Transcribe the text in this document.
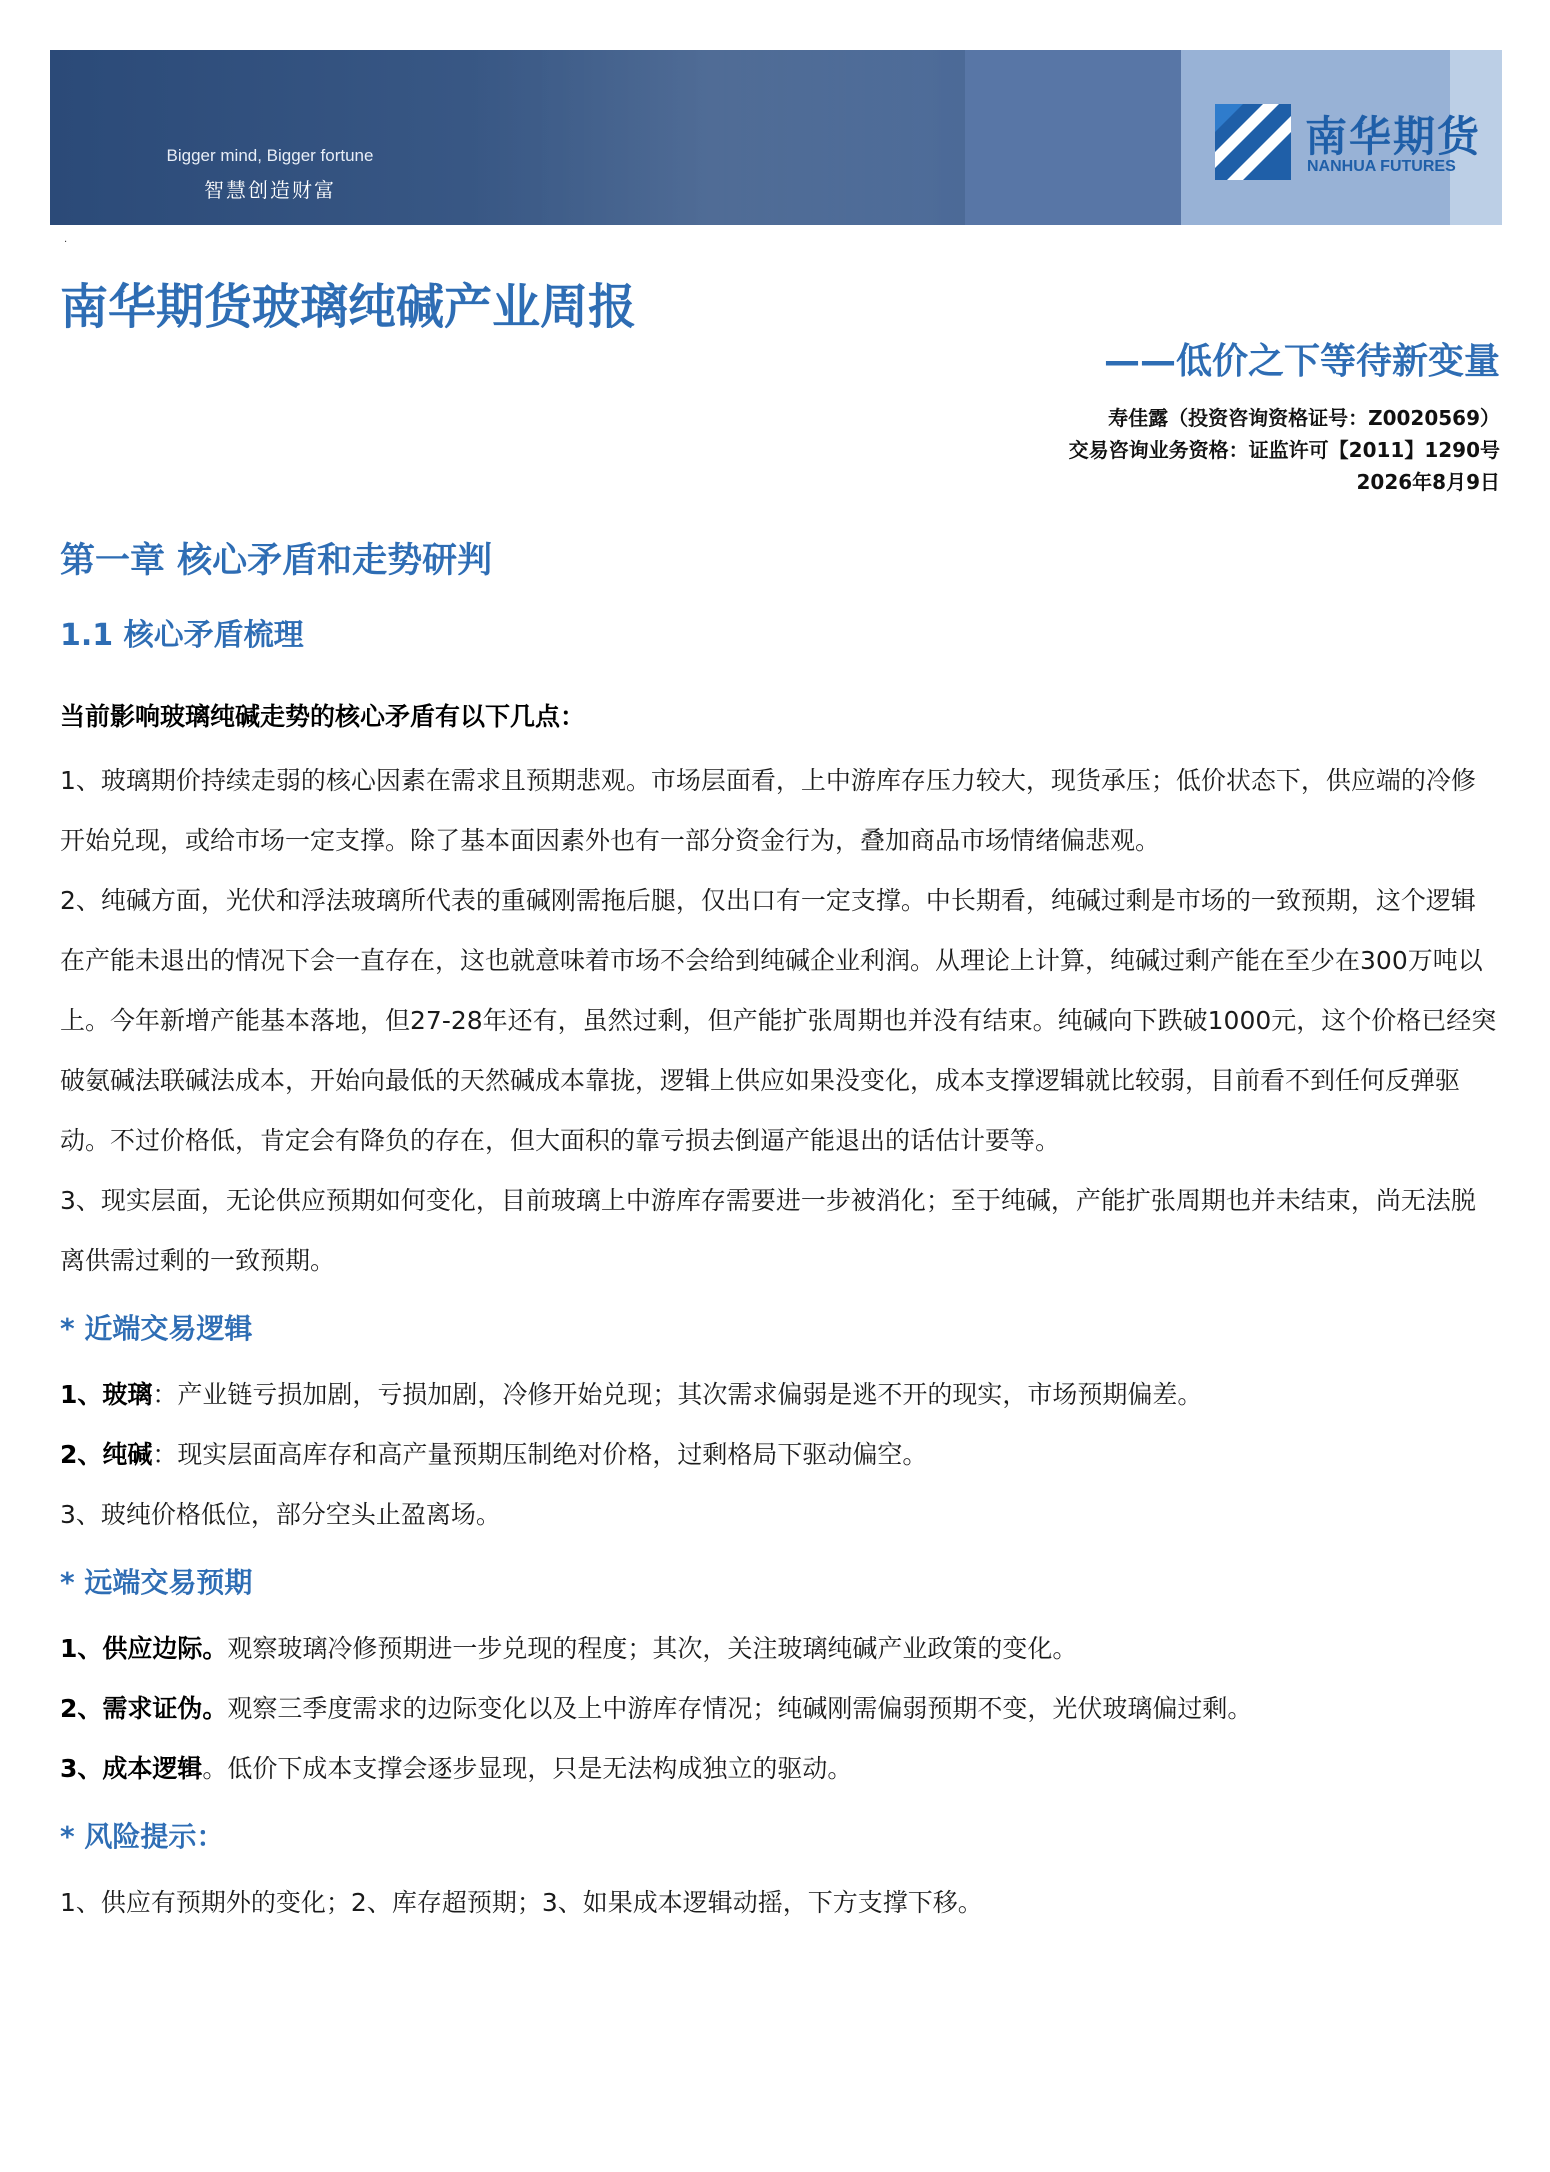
Bigger mind, Bigger fortune
智慧创造财富
南华期货
NANHUA FUTURES
.
南华期货玻璃纯碱产业周报
——低价之下等待新变量
寿佳露（投资咨询资格证号：Z0020569）
交易咨询业务资格：证监许可【2011】1290号
2026年8月9日
第一章 核心矛盾和走势研判
1.1 核心矛盾梳理

当前影响玻璃纯碱走势的核心矛盾有以下几点：

1、玻璃期价持续走弱的核心因素在需求且预期悲观。市场层面看，上中游库存压力较大，现货承压；低价状态下，供应端的冷修开始兑现，或给市场一定支撑。除了基本面因素外也有一部分资金行为，叠加商品市场情绪偏悲观。

2、纯碱方面，光伏和浮法玻璃所代表的重碱刚需拖后腿，仅出口有一定支撑。中长期看，纯碱过剩是市场的一致预期，这个逻辑在产能未退出的情况下会一直存在，这也就意味着市场不会给到纯碱企业利润。从理论上计算，纯碱过剩产能在至少在300万吨以上。今年新增产能基本落地，但27-28年还有，虽然过剩，但产能扩张周期也并没有结束。纯碱向下跌破1000元，这个价格已经突破氨碱法联碱法成本，开始向最低的天然碱成本靠拢，逻辑上供应如果没变化，成本支撑逻辑就比较弱，目前看不到任何反弹驱动。不过价格低，肯定会有降负的存在，但大面积的靠亏损去倒逼产能退出的话估计要等。

3、现实层面，无论供应预期如何变化，目前玻璃上中游库存需要进一步被消化；至于纯碱，产能扩张周期也并未结束，尚无法脱离供需过剩的一致预期。

* 近端交易逻辑

1、玻璃：产业链亏损加剧，亏损加剧，冷修开始兑现；其次需求偏弱是逃不开的现实，市场预期偏差。

2、纯碱：现实层面高库存和高产量预期压制绝对价格，过剩格局下驱动偏空。

3、玻纯价格低位，部分空头止盈离场。

* 远端交易预期

1、供应边际。观察玻璃冷修预期进一步兑现的程度；其次，关注玻璃纯碱产业政策的变化。

2、需求证伪。观察三季度需求的边际变化以及上中游库存情况；纯碱刚需偏弱预期不变，光伏玻璃偏过剩。

3、成本逻辑。低价下成本支撑会逐步显现，只是无法构成独立的驱动。

* 风险提示：

1、供应有预期外的变化；2、库存超预期；3、如果成本逻辑动摇，下方支撑下移。
